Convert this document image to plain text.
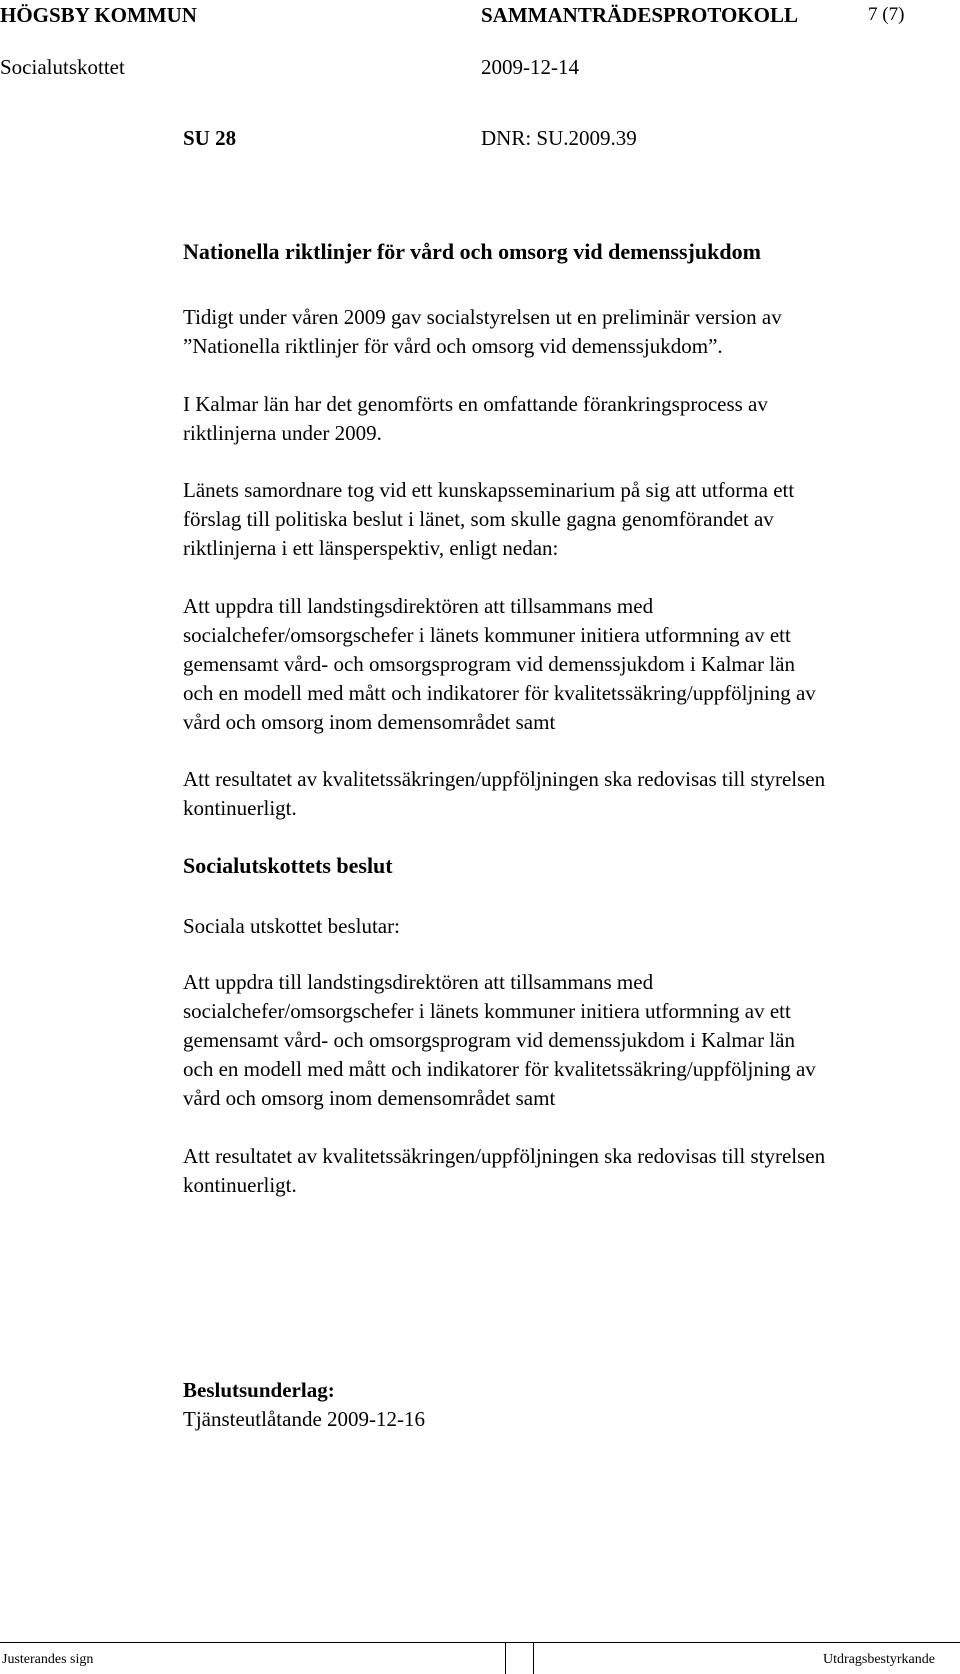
HÖGSBY KOMMUN	SAMMANTRÄDESPROTOKOLL	7 (7)
Socialutskottet	2009-12-14
SU 28	DNR: SU.2009.39
Nationella riktlinjer för vård och omsorg vid demenssjukdom
Tidigt under våren 2009 gav socialstyrelsen ut en preliminär version av
”Nationella riktlinjer för vård och omsorg vid demenssjukdom”.
I Kalmar län har det genomförts en omfattande förankringsprocess av
riktlinjerna under 2009.
Länets samordnare tog vid ett kunskapsseminarium på sig att utforma ett
förslag till politiska beslut i länet, som skulle gagna genomförandet av
riktlinjerna i ett länsperspektiv, enligt nedan:
Att uppdra till landstingsdirektören att tillsammans med
socialchefer/omsorgschefer i länets kommuner initiera utformning av ett
gemensamt vård- och omsorgsprogram vid demenssjukdom i Kalmar län
och en modell med mått och indikatorer för kvalitetssäkring/uppföljning av
vård och omsorg inom demensområdet samt
Att resultatet av kvalitetssäkringen/uppföljningen ska redovisas till styrelsen
kontinuerligt.
Socialutskottets beslut
Sociala utskottet beslutar:
Att uppdra till landstingsdirektören att tillsammans med
socialchefer/omsorgschefer i länets kommuner initiera utformning av ett
gemensamt vård- och omsorgsprogram vid demenssjukdom i Kalmar län
och en modell med mått och indikatorer för kvalitetssäkring/uppföljning av
vård och omsorg inom demensområdet samt
Att resultatet av kvalitetssäkringen/uppföljningen ska redovisas till styrelsen
kontinuerligt.
Beslutsunderlag:
Tjänsteutlåtande 2009-12-16
Justerandes sign	Utdragsbestyrkande
